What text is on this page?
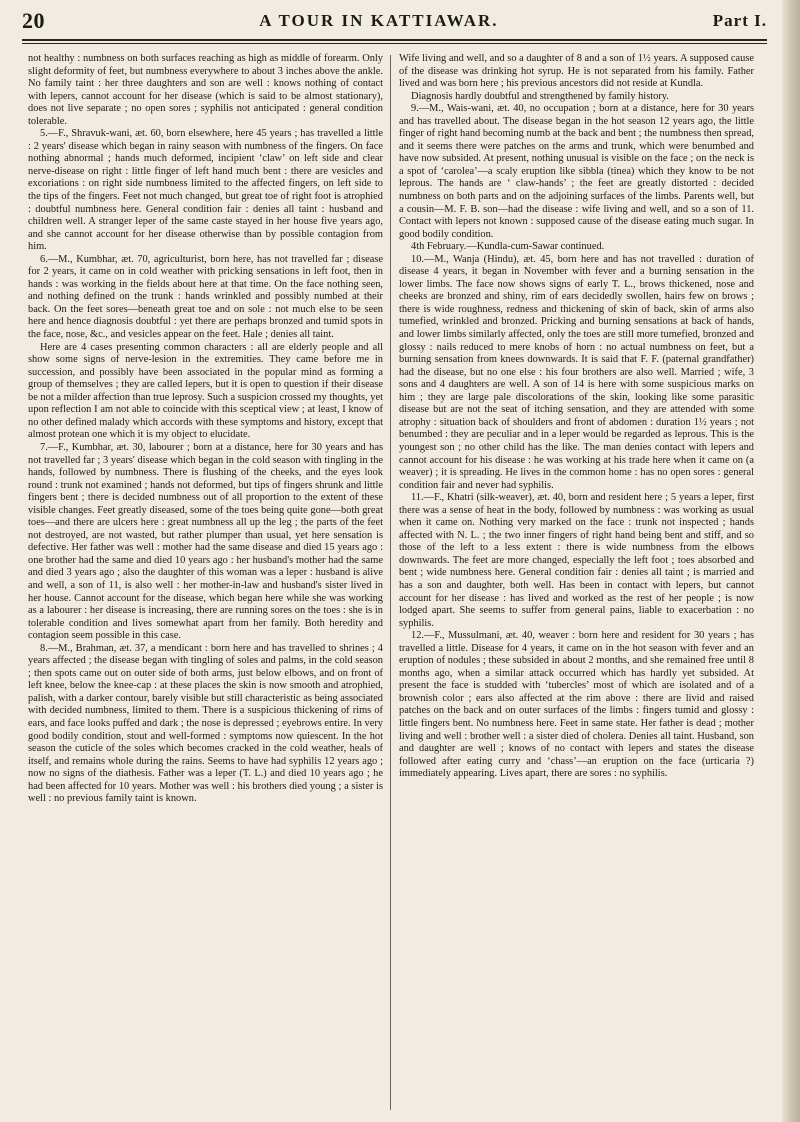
20	A TOUR IN KATTIAWAR.	Part I.

not healthy : numbness on both surfaces reaching as high as middle of forearm. Only slight deformity of feet, but numbness everywhere to about 3 inches above the ankle. No family taint : her three daughters and son are well : knows nothing of contact with lepers, cannot account for her disease (which is said to be almost stationary), does not live separate ; no open sores ; syphilis not anticipated : general condition tolerable.

5.—F., Shravuk-wani, æt. 60, born elsewhere, here 45 years ; has travelled a little : 2 years' disease which began in rainy season with numbness of the fingers. On face nothing abnormal ; hands much deformed, incipient ‘claw’ on left side and clear nerve-disease on right : little finger of left hand much bent : there are vesicles and excoriations : on right side numbness limited to the affected fingers, on left side to the tips of the fingers. Feet not much changed, but great toe of right foot is atrophied : doubtful numbness here. General condition fair : denies all taint : husband and children well. A stranger leper of the same caste stayed in her house five years ago, and she cannot account for her disease otherwise than by possible contagion from him.

6.—M., Kumbhar, æt. 70, agriculturist, born here, has not travelled far ; disease for 2 years, it came on in cold weather with pricking sensations in left foot, then in hands : was working in the fields about here at that time. On the face nothing seen, and nothing defined on the trunk : hands wrinkled and possibly numbed at their back. On the feet sores—beneath great toe and on sole : not much else to be seen here and hence diagnosis doubtful : yet there are perhaps bronzed and tumid spots in the face, nose, &c., and vesicles appear on the feet. Hale ; denies all taint.

Here are 4 cases presenting common characters : all are elderly people and all show some signs of nerve-lesion in the extremities. They came before me in succession, and possibly have been associated in the popular mind as forming a group of themselves ; they are called lepers, but it is open to question if their disease be not a milder affection than true leprosy. Such a suspicion crossed my thoughts, yet upon reflection I am not able to coincide with this sceptical view ; at least, I know of no other defined malady which accords with these symptoms and history, except that almost protean one which it is my object to elucidate.

7.—F., Kumbhar, æt. 30, labourer ; born at a distance, here for 30 years and has not travelled far ; 3 years' disease which began in the cold season with tingling in the hands, followed by numbness. There is flushing of the cheeks, and the eyes look round : trunk not examined ; hands not deformed, but tips of fingers shrunk and little fingers bent ; there is decided numbness out of all proportion to the extent of these visible changes. Feet greatly diseased, some of the toes being quite gone—both great toes—and there are ulcers here : great numbness all up the leg ; the parts of the feet not destroyed, are not wasted, but rather plumper than usual, yet here sensation is defective. Her father was well : mother had the same disease and died 15 years ago : one brother had the same and died 10 years ago : her husband's mother had the same and died 3 years ago ; also the daughter of this woman was a leper : husband is alive and well, a son of 11, is also well : her mother-in-law and husband's sister lived in her house. Cannot account for the disease, which began here while she was working as a labourer : her disease is increasing, there are running sores on the toes : she is in tolerable condition and lives somewhat apart from her family. Both heredity and contagion seem possible in this case.

8.—M., Brahman, æt. 37, a mendicant : born here and has travelled to shrines ; 4 years affected ; the disease began with tingling of soles and palms, in the cold season ; then spots came out on outer side of both arms, just below elbows, and on front of left knee, below the knee-cap : at these places the skin is now smooth and atrophied, palish, with a darker contour, barely visible but still characteristic as being associated with decided numbness, limited to them. There is a suspicious thickening of rims of ears, and face looks puffed and dark ; the nose is depressed ; eyebrows entire. In very good bodily condition, stout and well-formed : symptoms now quiescent. In the hot season the cuticle of the soles which becomes cracked in the cold weather, heals of itself, and remains whole during the rains. Seems to have had syphilis 12 years ago ; now no signs of the diathesis. Father was a leper (T. L.) and died 10 years ago ; he had been affected for 10 years. Mother was well : his brothers died young ; a sister is well : no previous family taint is known.

Wife living and well, and so a daughter of 8 and a son of 1½ years. A supposed cause of the disease was drinking hot syrup. He is not separated from his family. Father lived and was born here ; his previous ancestors did not reside at Kundla.

Diagnosis hardly doubtful and strengthened by family history.

9.—M., Wais-wani, æt. 40, no occupation ; born at a distance, here for 30 years and has travelled about. The disease began in the hot season 12 years ago, the little finger of right hand becoming numb at the back and bent ; the numbness then spread, and it seems there were patches on the arms and trunk, which were benumbed and have now subsided. At present, nothing unusual is visible on the face ; on the neck is a spot of ‘carolea’—a scaly eruption like sibbla (tinea) which they know to be not leprous. The hands are ‘ claw-hands’ ; the feet are greatly distorted : decided numbness on both parts and on the adjoining surfaces of the limbs. Parents well, but a cousin—M. F. B. son—had the disease : wife living and well, and so a son of 11. Contact with lepers not known : supposed cause of the disease eating much sugar. In good bodily condition.

4th February.—Kundla-cum-Sawar continued.

10.—M., Wanja (Hindu), æt. 45, born here and has not travelled : duration of disease 4 years, it began in November with fever and a burning sensation in the lower limbs. The face now shows signs of early T. L., brows thickened, nose and cheeks are bronzed and shiny, rim of ears decidedly swollen, hairs few on brows ; there is wide roughness, redness and thickening of skin of back, skin of arms also tumefied, wrinkled and bronzed. Pricking and burning sensations at back of hands, and lower limbs similarly affected, only the toes are still more tumefied, bronzed and glossy : nails reduced to mere knobs of horn : no actual numbness on feet, but a burning sensation from knees downwards. It is said that F. F. (paternal grandfather) had the disease, but no one else : his four brothers are also well. Married ; wife, 3 sons and 4 daughters are well. A son of 14 is here with some suspicious marks on him ; they are large pale discolorations of the skin, looking like some parasitic disease but are not the seat of itching sensation, and they are attended with some atrophy : situation back of shoulders and front of abdomen : duration 1½ years ; not benumbed : they are peculiar and in a leper would be regarded as leprous. This is the youngest son ; no other child has the like. The man denies contact with lepers and cannot account for his disease : he was working at his trade here when it came on (a weaver) ; it is spreading. He lives in the common home : has no open sores : general condition fair and never had syphilis.

11.—F., Khatri (silk-weaver), æt. 40, born and resident here ; 5 years a leper, first there was a sense of heat in the body, followed by numbness : was working as usual when it came on. Nothing very marked on the face : trunk not inspected ; hands affected with N. L. ; the two inner fingers of right hand being bent and stiff, and so those of the left to a less extent : there is wide numbness from the elbows downwards. The feet are more changed, especially the left foot ; toes absorbed and bent ; wide numbness here. General condition fair : denies all taint ; is married and has a son and daughter, both well. Has been in contact with lepers, but cannot account for her disease : has lived and worked as the rest of her people ; is now lodged apart. She seems to suffer from general pains, liable to exacerbation : no syphilis.

12.—F., Mussulmani, æt. 40, weaver : born here and resident for 30 years ; has travelled a little. Disease for 4 years, it came on in the hot season with fever and an eruption of nodules ; these subsided in about 2 months, and she remained free until 8 months ago, when a similar attack occurred which has hardly yet subsided. At present the face is studded with ‘tubercles’ most of which are isolated and of a brownish color ; ears also affected at the rim above : there are livid and raised patches on the back and on outer surfaces of the limbs : fingers tumid and glossy : little fingers bent. No numbness here. Feet in same state. Her father is dead ; mother living and well : brother well : a sister died of cholera. Denies all taint. Husband, son and daughter are well ; knows of no contact with lepers and states the disease followed after eating curry and ‘chass’—an eruption on the face (urticaria ?) immediately appearing. Lives apart, there are sores : no syphilis.
